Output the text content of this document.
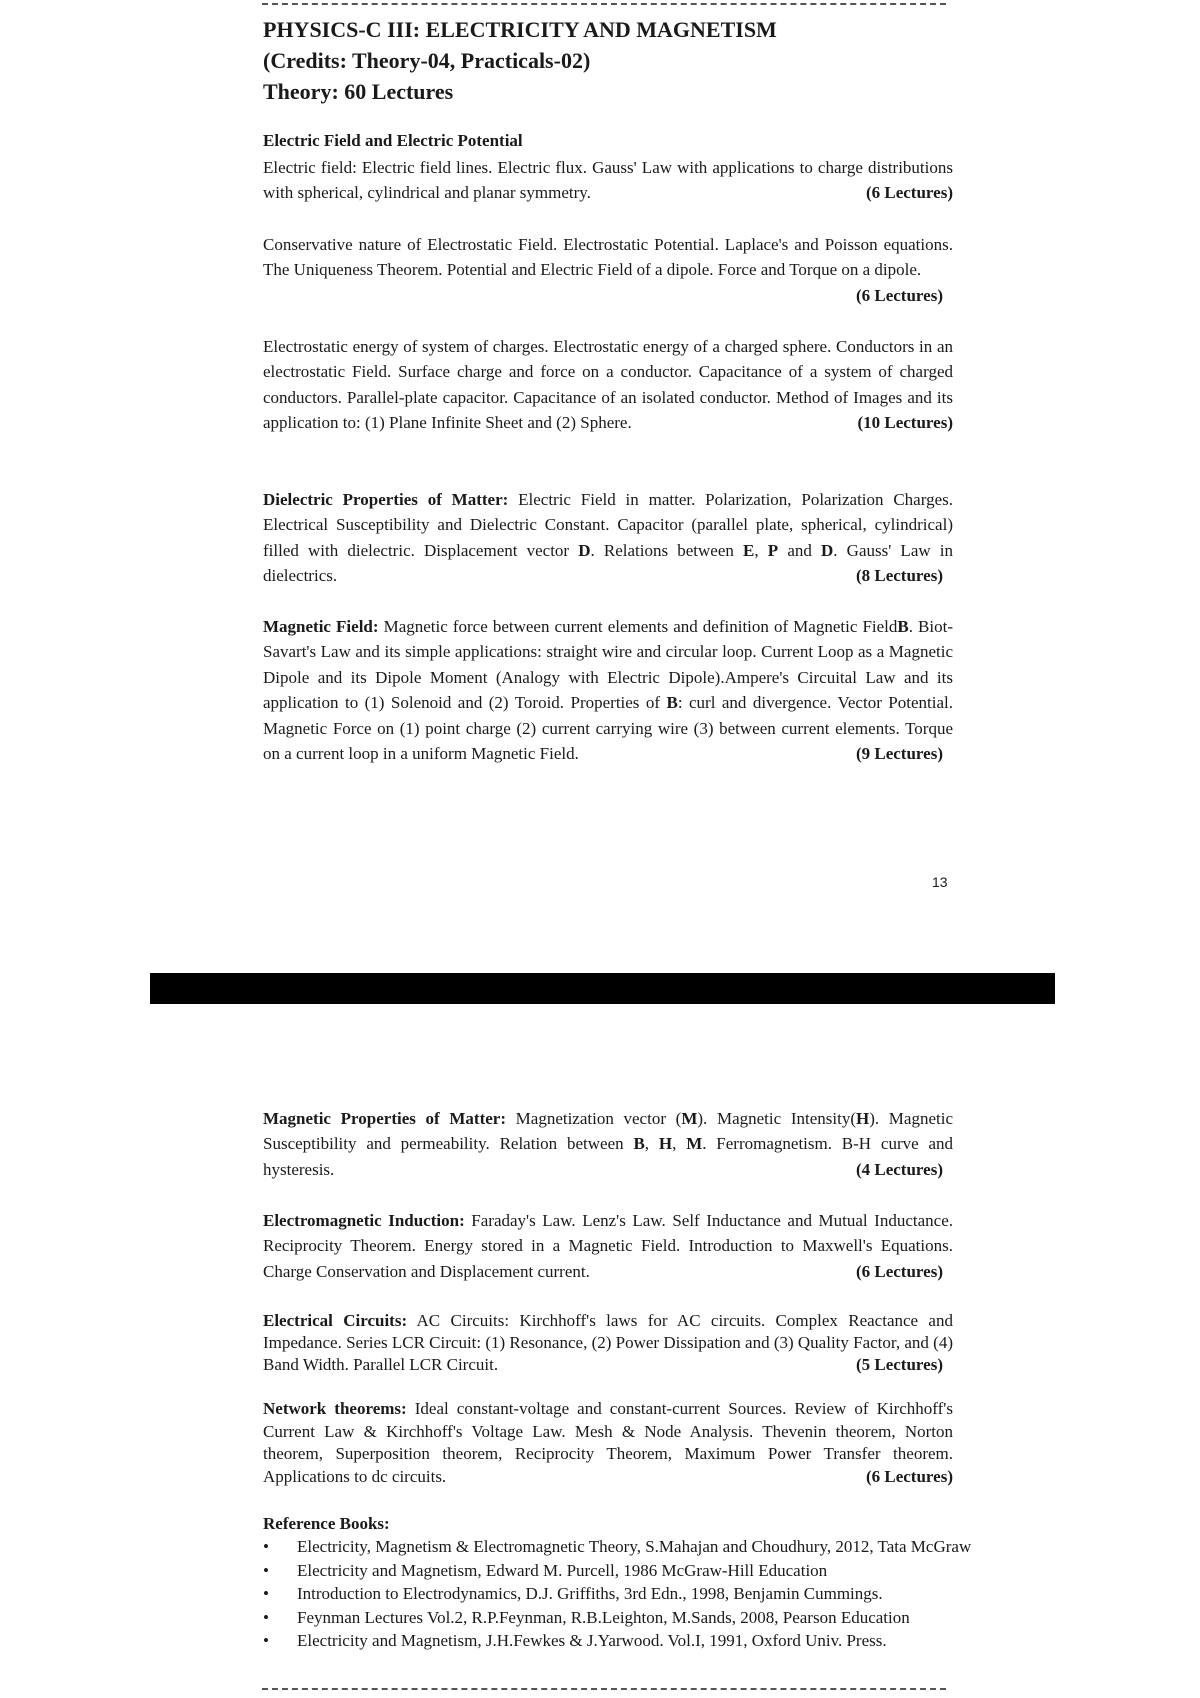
PHYSICS-C III: ELECTRICITY AND MAGNETISM
(Credits: Theory-04, Practicals-02)
Theory: 60 Lectures
Electric Field and Electric Potential
Electric field: Electric field lines. Electric flux. Gauss' Law with applications to charge distributions with spherical, cylindrical and planar symmetry.	(6 Lectures)
Conservative nature of Electrostatic Field. Electrostatic Potential. Laplace's and Poisson equations. The Uniqueness Theorem. Potential and Electric Field of a dipole. Force and Torque on a dipole.
(6 Lectures)
Electrostatic energy of system of charges. Electrostatic energy of a charged sphere. Conductors in an electrostatic Field. Surface charge and force on a conductor. Capacitance of a system of charged conductors. Parallel-plate capacitor. Capacitance of an isolated conductor. Method of Images and its application to: (1) Plane Infinite Sheet and (2) Sphere.	(10 Lectures)
Dielectric Properties of Matter: Electric Field in matter. Polarization, Polarization Charges. Electrical Susceptibility and Dielectric Constant. Capacitor (parallel plate, spherical, cylindrical) filled with dielectric. Displacement vector D. Relations between E, P and D. Gauss' Law in dielectrics.	(8 Lectures)
Magnetic Field: Magnetic force between current elements and definition of Magnetic FieldB. Biot-Savart's Law and its simple applications: straight wire and circular loop. Current Loop as a Magnetic Dipole and its Dipole Moment (Analogy with Electric Dipole).Ampere's Circuital Law and its application to (1) Solenoid and (2) Toroid. Properties of B: curl and divergence. Vector Potential. Magnetic Force on (1) point charge (2) current carrying wire (3) between current elements. Torque on a current loop in a uniform Magnetic Field.	(9 Lectures)
13
Magnetic Properties of Matter: Magnetization vector (M). Magnetic Intensity(H). Magnetic Susceptibility and permeability. Relation between B, H, M. Ferromagnetism. B-H curve and hysteresis.	(4 Lectures)
Electromagnetic Induction: Faraday's Law. Lenz's Law. Self Inductance and Mutual Inductance. Reciprocity Theorem. Energy stored in a Magnetic Field. Introduction to Maxwell's Equations. Charge Conservation and Displacement current.	(6 Lectures)
Electrical Circuits: AC Circuits: Kirchhoff's laws for AC circuits. Complex Reactance and Impedance. Series LCR Circuit: (1) Resonance, (2) Power Dissipation and (3) Quality Factor, and (4) Band Width. Parallel LCR Circuit.	(5 Lectures)
Network theorems: Ideal constant-voltage and constant-current Sources. Review of Kirchhoff's Current Law & Kirchhoff's Voltage Law. Mesh & Node Analysis. Thevenin theorem, Norton theorem, Superposition theorem, Reciprocity Theorem, Maximum Power Transfer theorem. Applications to dc circuits.	(6 Lectures)
Reference Books:
• Electricity, Magnetism & Electromagnetic Theory, S.Mahajan and Choudhury, 2012, Tata McGraw
• Electricity and Magnetism, Edward M. Purcell, 1986 McGraw-Hill Education
• Introduction to Electrodynamics, D.J. Griffiths, 3rd Edn., 1998, Benjamin Cummings.
• Feynman Lectures Vol.2, R.P.Feynman, R.B.Leighton, M.Sands, 2008, Pearson Education
• Electricity and Magnetism, J.H.Fewkes & J.Yarwood. Vol.I, 1991, Oxford Univ. Press.
